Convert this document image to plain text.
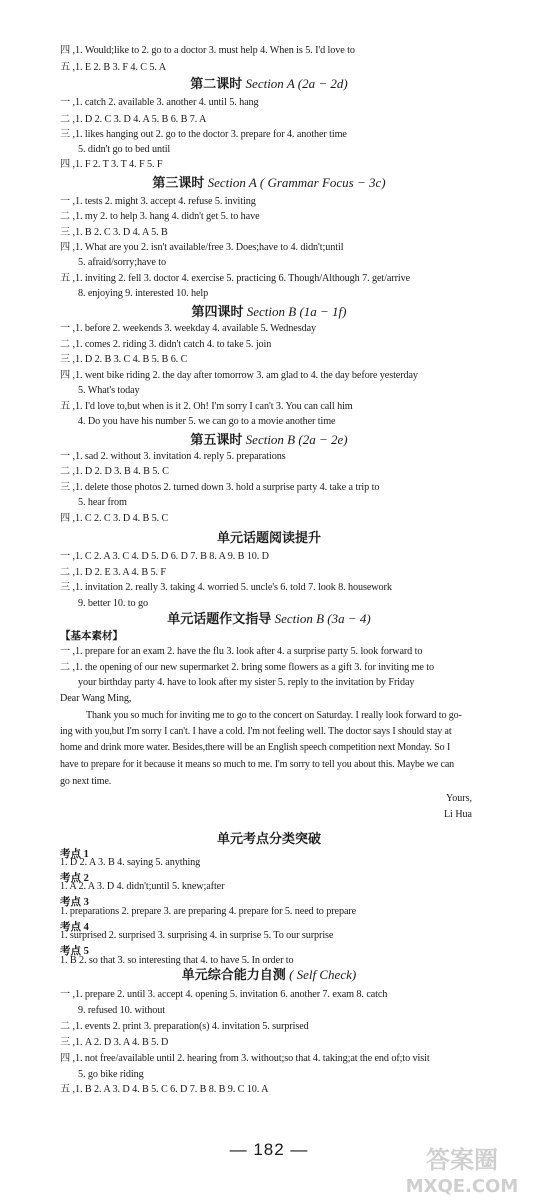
四 ,1. Would;like to 2. go to a doctor 3. must help 4. When is 5. I'd love to
五 ,1. E 2. B 3. F 4. C 5. A
第二课时 Section A (2a − 2d)
一 ,1. catch 2. available 3. another 4. until 5. hang
二 ,1. D 2. C 3. D 4. A 5. B 6. B 7. A
三 ,1. likes hanging out 2. go to the doctor 3. prepare for 4. another time
5. didn't go to bed until
四 ,1. F 2. T 3. T 4. F 5. F
第三课时 Section A ( Grammar Focus − 3c)
一 ,1. tests 2. might 3. accept 4. refuse 5. inviting
二 ,1. my 2. to help 3. hang 4. didn't get 5. to have
三 ,1. B 2. C 3. D 4. A 5. B
四 ,1. What are you 2. isn't available/free 3. Does;have to 4. didn't;until
5. afraid/sorry;have to
五 ,1. inviting 2. fell 3. doctor 4. exercise 5. practicing 6. Though/Although 7. get/arrive
8. enjoying 9. interested 10. help
第四课时 Section B (1a − 1f)
一 ,1. before 2. weekends 3. weekday 4. available 5. Wednesday
二 ,1. comes 2. riding 3. didn't catch 4. to take 5. join
三 ,1. D 2. B 3. C 4. B 5. B 6. C
四 ,1. went bike riding 2. the day after tomorrow 3. am glad to 4. the day before yesterday
5. What's today
五 ,1. I'd love to,but when is it 2. Oh! I'm sorry I can't 3. You can call him
4. Do you have his number 5. we can go to a movie another time
第五课时 Section B (2a − 2e)
一 ,1. sad 2. without 3. invitation 4. reply 5. preparations
二 ,1. D 2. D 3. B 4. B 5. C
三 ,1. delete those photos 2. turned down 3. hold a surprise party 4. take a trip to
5. hear from
四 ,1. C 2. C 3. D 4. B 5. C
单元话题阅读提升
一 ,1. C 2. A 3. C 4. D 5. D 6. D 7. B 8. A 9. B 10. D
二 ,1. D 2. E 3. A 4. B 5. F
三 ,1. invitation 2. really 3. taking 4. worried 5. uncle's 6. told 7. look 8. housework
9. better 10. to go
单元话题作文指导 Section B (3a − 4)
【基本素材】
一 ,1. prepare for an exam 2. have the flu 3. look after 4. a surprise party 5. look forward to
二 ,1. the opening of our new supermarket 2. bring some flowers as a gift 3. for inviting me to
your birthday party 4. have to look after my sister 5. reply to the invitation by Friday
Dear Wang Ming,
Thank you so much for inviting me to go to the concert on Saturday. I really look forward to go-
ing with you,but I'm sorry I can't. I have a cold. I'm not feeling well. The doctor says I should stay at
home and drink more water. Besides,there will be an English speech competition next Monday. So I
have to prepare for it because it means so much to me. I'm sorry to tell you about this. Maybe we can
go next time.
Yours,
Li Hua
单元考点分类突破
考点 1
1. D 2. A 3. B 4. saying 5. anything
考点 2
1. A 2. A 3. D 4. didn't;until 5. knew;after
考点 3
1. preparations 2. prepare 3. are preparing 4. prepare for 5. need to prepare
考点 4
1. surprised 2. surprised 3. surprising 4. in surprise 5. To our surprise
考点 5
1. B 2. so that 3. so interesting that 4. to have 5. In order to
单元综合能力自测 ( Self Check)
一 ,1. prepare 2. until 3. accept 4. opening 5. invitation 6. another 7. exam 8. catch
9. refused 10. without
二 ,1. events 2. print 3. preparation(s) 4. invitation 5. surprised
三 ,1. A 2. D 3. A 4. B 5. D
四 ,1. not free/available until 2. hearing from 3. without;so that 4. taking;at the end of;to visit
5. go bike riding
五 ,1. B 2. A 3. D 4. B 5. C 6. D 7. B 8. B 9. C 10. A
— 182 —	答案圈
MXQE.COM
